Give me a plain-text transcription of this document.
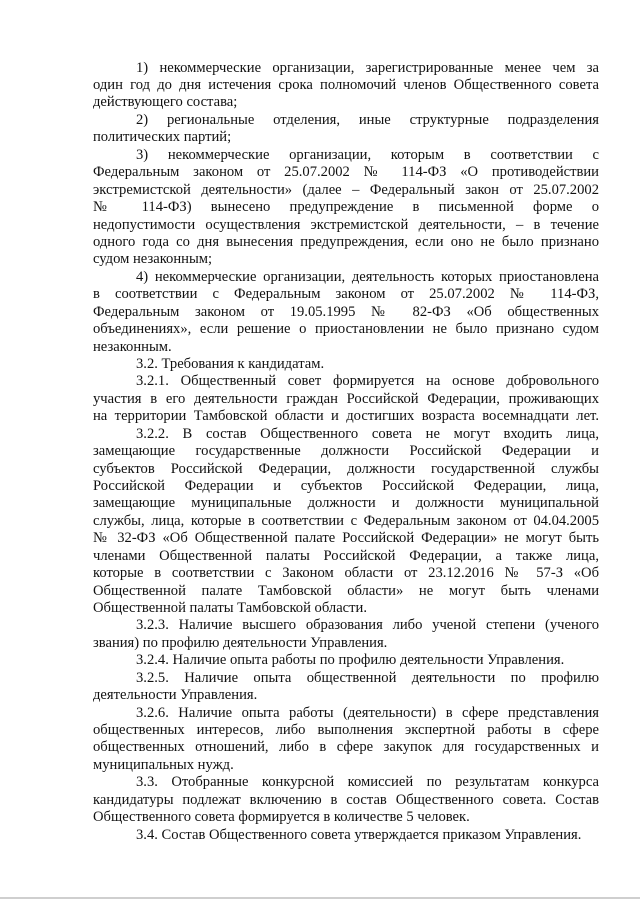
1) некоммерческие организации, зарегистрированные менее чем за
один год до дня истечения срока полномочий членов Общественного совета
действующего состава;
2) региональные отделения, иные структурные подразделения
политических партий;
3) некоммерческие организации, которым в соответствии с
Федеральным законом от 25.07.2002 № 114-ФЗ «О противодействии
экстремистской деятельности» (далее – Федеральный закон от 25.07.2002
№ 114-ФЗ) вынесено предупреждение в письменной форме о
недопустимости осуществления экстремистской деятельности, – в течение
одного года со дня вынесения предупреждения, если оно не было признано
судом незаконным;
4) некоммерческие организации, деятельность которых приостановлена
в соответствии с Федеральным законом от 25.07.2002 № 114-ФЗ,
Федеральным законом от 19.05.1995 № 82-ФЗ «Об общественных
объединениях», если решение о приостановлении не было признано судом
незаконным.
3.2. Требования к кандидатам.
3.2.1. Общественный совет формируется на основе добровольного
участия в его деятельности граждан Российской Федерации, проживающих
на территории Тамбовской области и достигших возраста восемнадцати лет.
3.2.2. В состав Общественного совета не могут входить лица,
замещающие государственные должности Российской Федерации и
субъектов Российской Федерации, должности государственной службы
Российской Федерации и субъектов Российской Федерации, лица,
замещающие муниципальные должности и должности муниципальной
службы, лица, которые в соответствии с Федеральным законом от 04.04.2005
№ 32-ФЗ «Об Общественной палате Российской Федерации» не могут быть
членами Общественной палаты Российской Федерации, а также лица,
которые в соответствии с Законом области от 23.12.2016 № 57-З «Об
Общественной палате Тамбовской области» не могут быть членами
Общественной палаты Тамбовской области.
3.2.3. Наличие высшего образования либо ученой степени (ученого
звания) по профилю деятельности Управления.
3.2.4. Наличие опыта работы по профилю деятельности Управления.
3.2.5. Наличие опыта общественной деятельности по профилю
деятельности Управления.
3.2.6. Наличие опыта работы (деятельности) в сфере представления
общественных интересов, либо выполнения экспертной работы в сфере
общественных отношений, либо в сфере закупок для государственных и
муниципальных нужд.
3.3. Отобранные конкурсной комиссией по результатам конкурса
кандидатуры подлежат включению в состав Общественного совета. Состав
Общественного совета формируется в количестве 5 человек.
3.4. Состав Общественного совета утверждается приказом Управления.
